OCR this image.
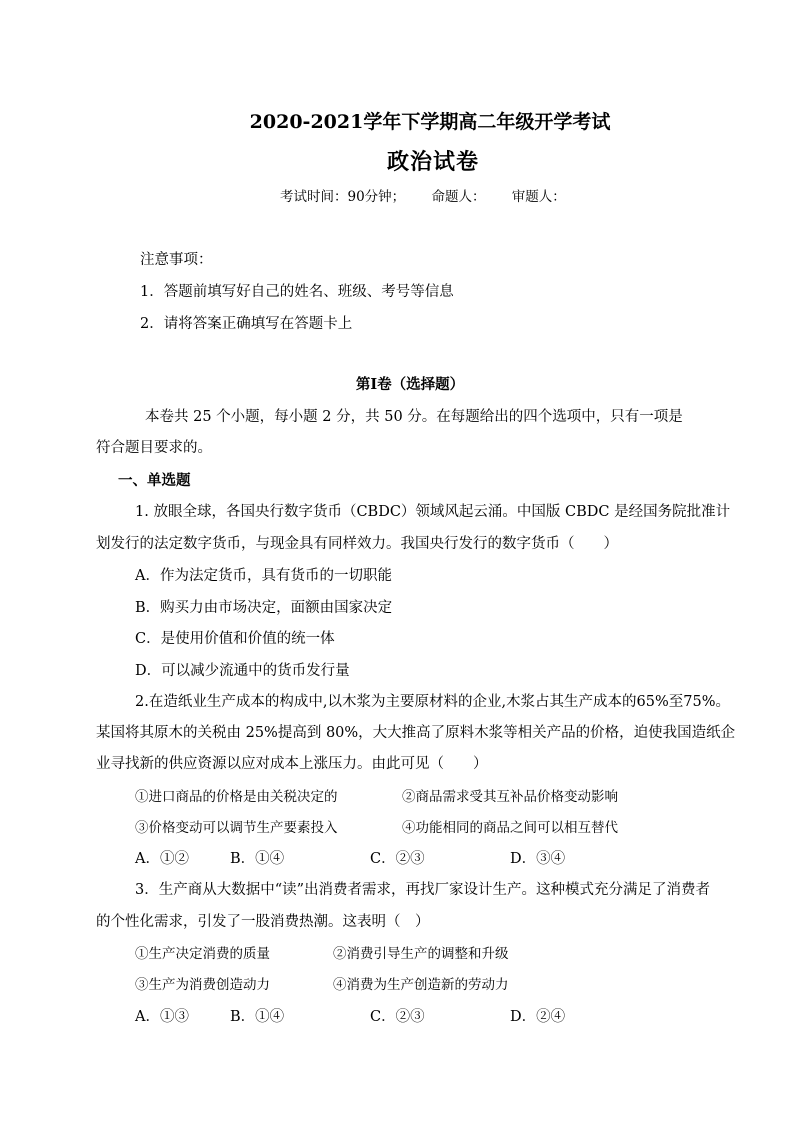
2020-2021学年下学期高二年级开学考试
政治试卷
考试时间：90分钟； 命题人： 审题人：
注意事项：
1．答题前填写好自己的姓名、班级、考号等信息
2．请将答案正确填写在答题卡上
第I卷（选择题）
本卷共 25 个小题，每小题 2 分，共 50 分。在每题给出的四个选项中，只有一项是
符合题目要求的。
一、单选题
1. 放眼全球，各国央行数字货币（CBDC）领域风起云涌。中国版 CBDC 是经国务院批准计
划发行的法定数字货币，与现金具有同样效力。我国央行发行的数字货币（　　）
A．作为法定货币，具有货币的一切职能
B．购买力由市场决定，面额由国家决定
C．是使用价值和价值的统一体
D．可以减少流通中的货币发行量
2.在造纸业生产成本的构成中,以木浆为主要原材料的企业,木浆占其生产成本的65%至75%。
某国将其原木的关税由 25%提高到 80%，大大推高了原料木浆等相关产品的价格，迫使我国造纸企
业寻找新的供应资源以应对成本上涨压力。由此可见（　　）
①进口商品的价格是由关税决定的	②商品需求受其互补品价格变动影响
③价格变动可以调节生产要素投入	④功能相同的商品之间可以相互替代
A．①②	B．①④	C．②③	D．③④
3．生产商从大数据中“读”出消费者需求，再找厂家设计生产。这种模式充分满足了消费者
的个性化需求，引发了一股消费热潮。这表明（　）
①生产决定消费的质量	②消费引导生产的调整和升级
③生产为消费创造动力	④消费为生产创造新的劳动力
A．①③	B．①④	C．②③	D．②④
